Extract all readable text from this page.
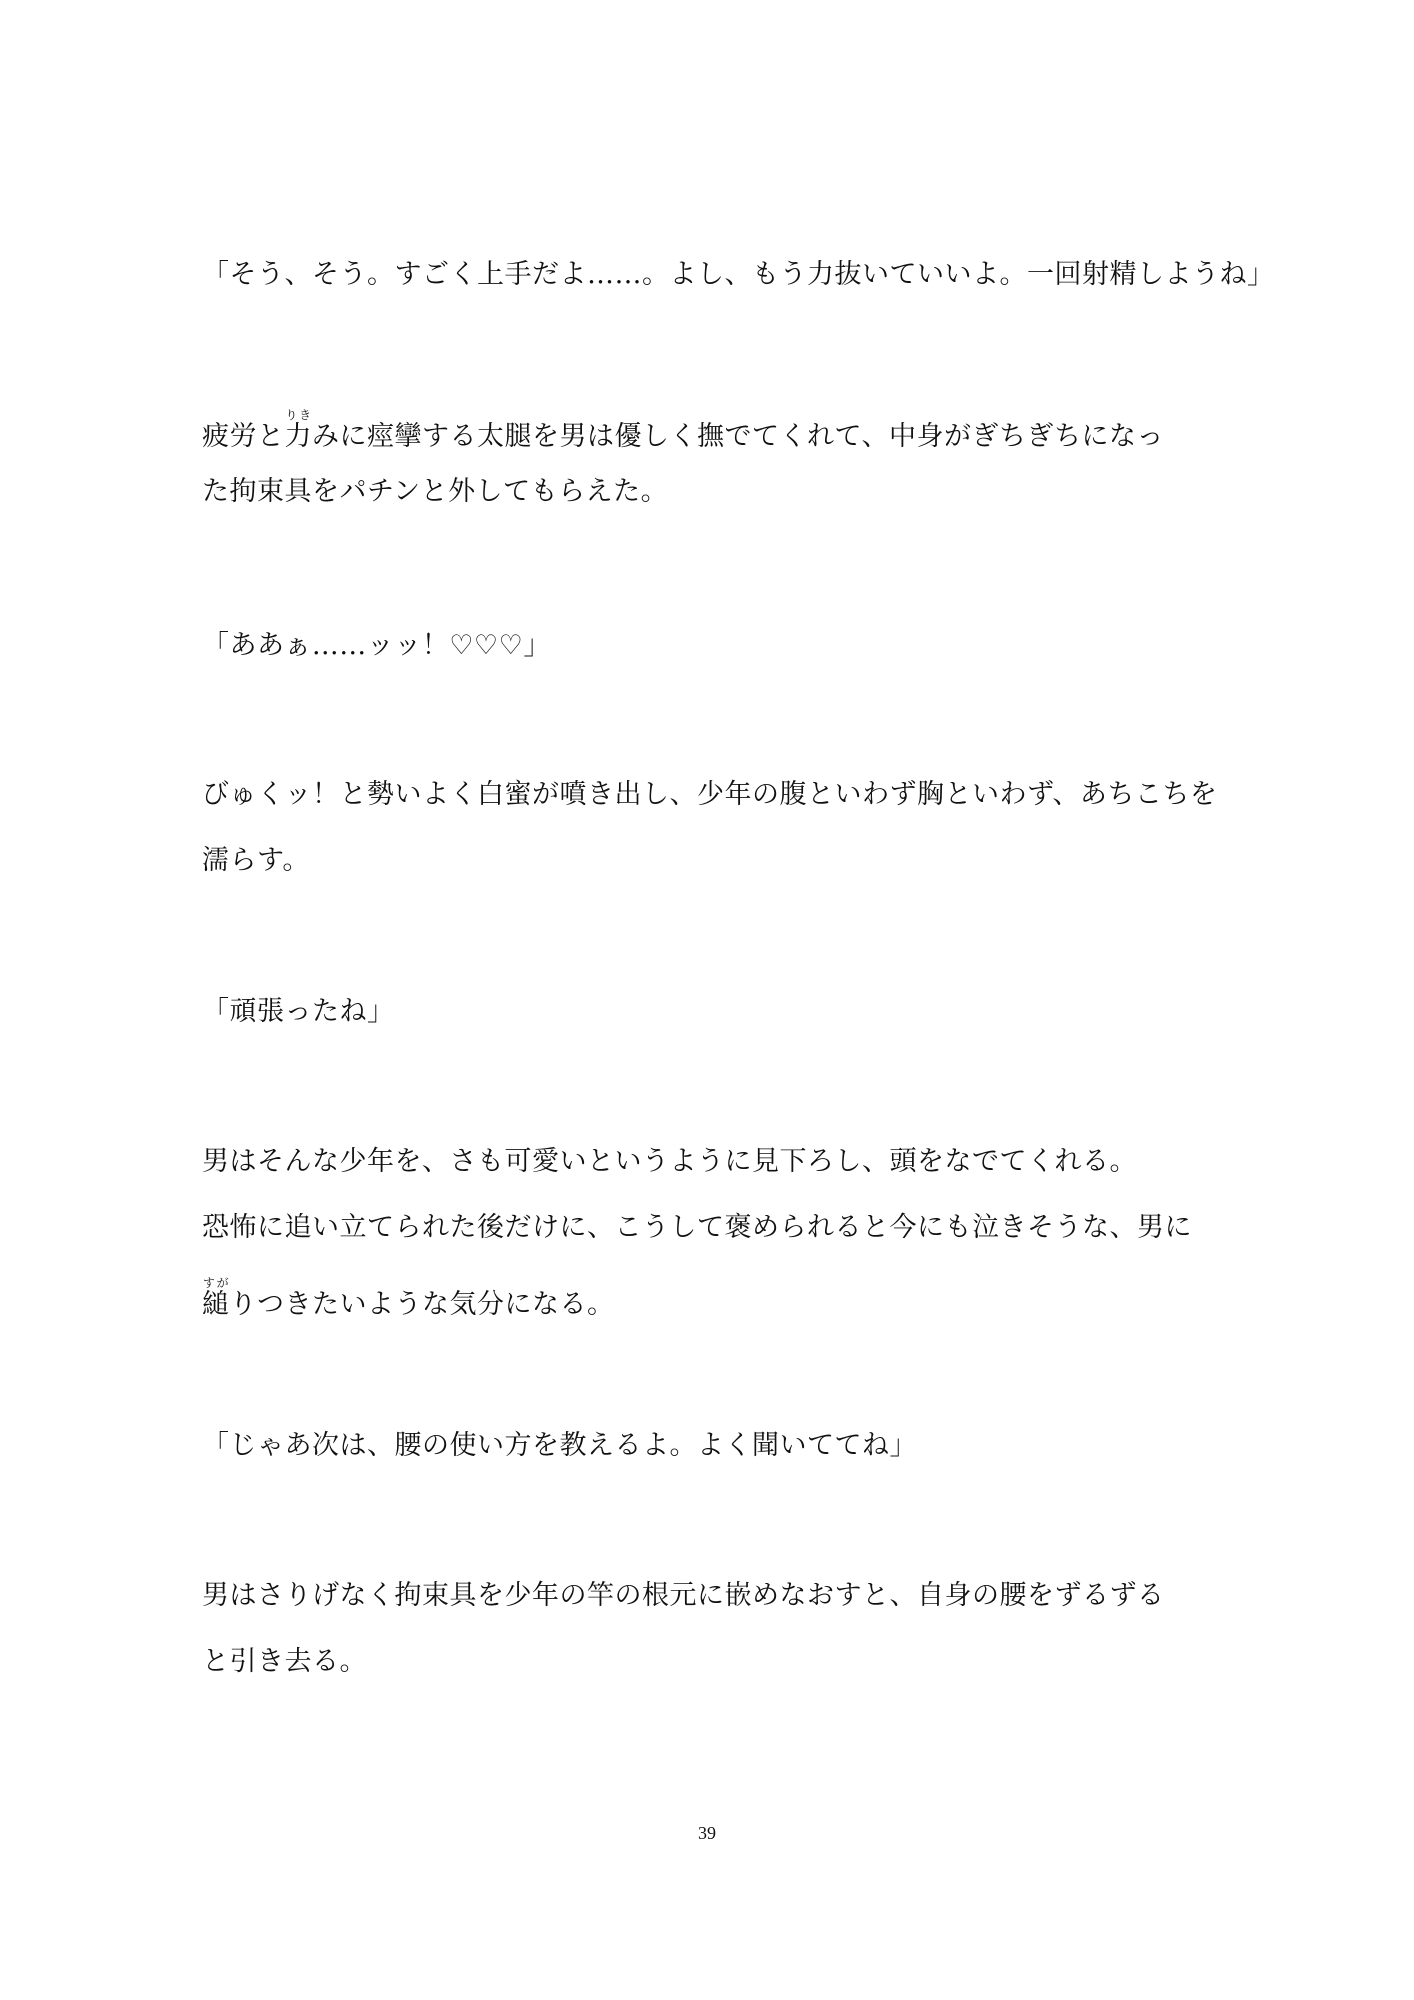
「そう、そう。すごく上手だよ……。よし、もう力抜いていいよ。一回射精しようね」

疲労と力りきみに痙攣する太腿を男は優しく撫でてくれて、中身がぎちぎちになっ

た拘束具をパチンと外してもらえた。

「ああぁ……ッッ！♡♡♡」

びゅくッ！と勢いよく白蜜が噴き出し、少年の腹といわず胸といわず、あちこちを

濡らす。

「頑張ったね」

男はそんな少年を、さも可愛いというように見下ろし、頭をなでてくれる。

恐怖に追い立てられた後だけに、こうして褒められると今にも泣きそうな、男に

縋すがりつきたいような気分になる。

「じゃあ次は、腰の使い方を教えるよ。よく聞いててね」

男はさりげなく拘束具を少年の竿の根元に嵌めなおすと、自身の腰をずるずる

と引き去る。

39
